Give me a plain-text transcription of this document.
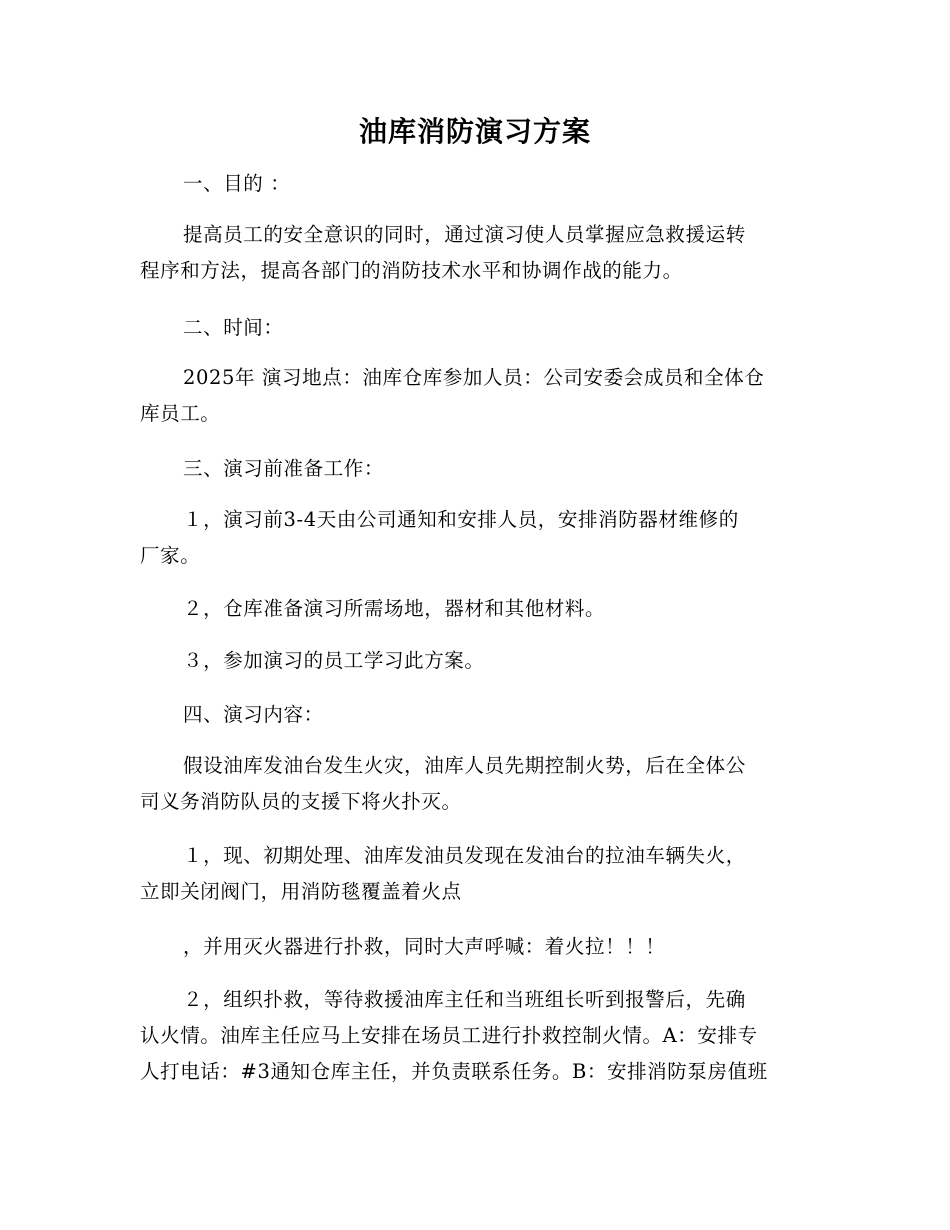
油库消防演习方案
一、目的 ：
提高员工的安全意识的同时，通过演习使人员掌握应急救援运转
程序和方法，提高各部门的消防技术水平和协调作战的能力。
二、时间：
2025年 演习地点：油库仓库参加人员：公司安委会成员和全体仓
库员工。
三、演习前准备工作：
１，演习前3-4天由公司通知和安排人员，安排消防器材维修的
厂家。
２，仓库准备演习所需场地，器材和其他材料。
３，参加演习的员工学习此方案。
四、演习内容：
假设油库发油台发生火灾，油库人员先期控制火势，后在全体公
司义务消防队员的支援下将火扑灭。
１，现、初期处理、油库发油员发现在发油台的拉油车辆失火，
立即关闭阀门，用消防毯覆盖着火点
，并用灭火器进行扑救，同时大声呼喊：着火拉！！！
２，组织扑救，等待救援油库主任和当班组长听到报警后，先确
认火情。油库主任应马上安排在场员工进行扑救控制火情。A：安排专
人打电话：#3通知仓库主任，并负责联系任务。B：安排消防泵房值班
